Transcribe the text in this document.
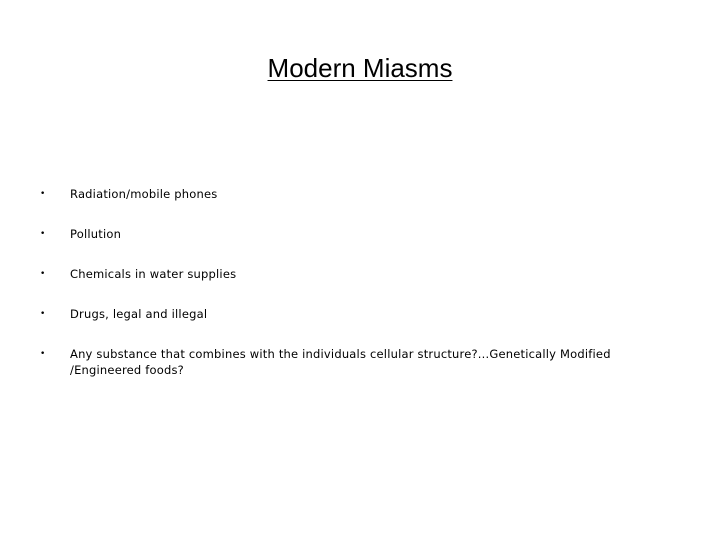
Modern Miasms
• Radiation/mobile phones
• Pollution
• Chemicals in water supplies
• Drugs, legal and illegal
• Any substance that combines with the individuals cellular structure?...Genetically Modified /Engineered foods?
